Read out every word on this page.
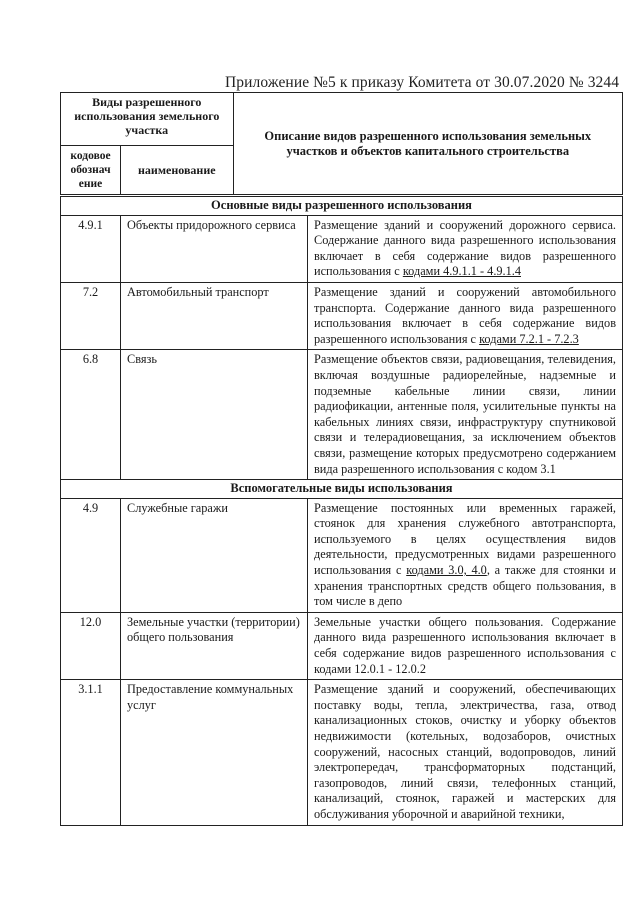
Приложение №5 к приказу Комитета от 30.07.2020 № 3244
Виды разрешенного использования земельного участка		Описание видов разрешенного использования земельных участков и объектов капитального строительства
кодовое
обознач
ение	наименование	
Основные виды разрешенного использования		
4.9.1	Объекты придорожного сервиса	Размещение зданий и сооружений дорожного сервиса. Содержание данного вида разрешенного использования включает в себя содержание видов разрешенного использования с кодами 4.9.1.1 - 4.9.1.4
7.2	Автомобильный транспорт	Размещение зданий и сооружений автомобильного транспорта. Содержание данного вида разрешенного использования включает в себя содержание видов разрешенного использования с кодами 7.2.1 - 7.2.3
6.8	Связь	Размещение объектов связи, радиовещания, телевидения, включая воздушные радиорелейные, надземные и подземные кабельные линии связи, линии радиофикации, антенные поля, усилительные пункты на кабельных линиях связи, инфраструктуру спутниковой связи и телерадиовещания, за исключением объектов связи, размещение которых предусмотрено содержанием вида разрешенного использования с кодом 3.1
Вспомогательные виды использования		
4.9	Служебные гаражи	Размещение постоянных или временных гаражей, стоянок для хранения служебного автотранспорта, используемого в целях осуществления видов деятельности, предусмотренных видами разрешенного использования с кодами 3.0, 4.0, а также для стоянки и хранения транспортных средств общего пользования, в том числе в депо
12.0	Земельные участки (территории) общего пользования	Земельные участки общего пользования. Содержание данного вида разрешенного использования включает в себя содержание видов разрешенного использования с кодами 12.0.1 - 12.0.2
3.1.1	Предоставление коммунальных услуг	Размещение зданий и сооружений, обеспечивающих поставку воды, тепла, электричества, газа, отвод канализационных стоков, очистку и уборку объектов недвижимости (котельных, водозаборов, очистных сооружений, насосных станций, водопроводов, линий электропередач, трансформаторных подстанций, газопроводов, линий связи, телефонных станций, канализаций, стоянок, гаражей и мастерских для обслуживания уборочной и аварийной техники,
